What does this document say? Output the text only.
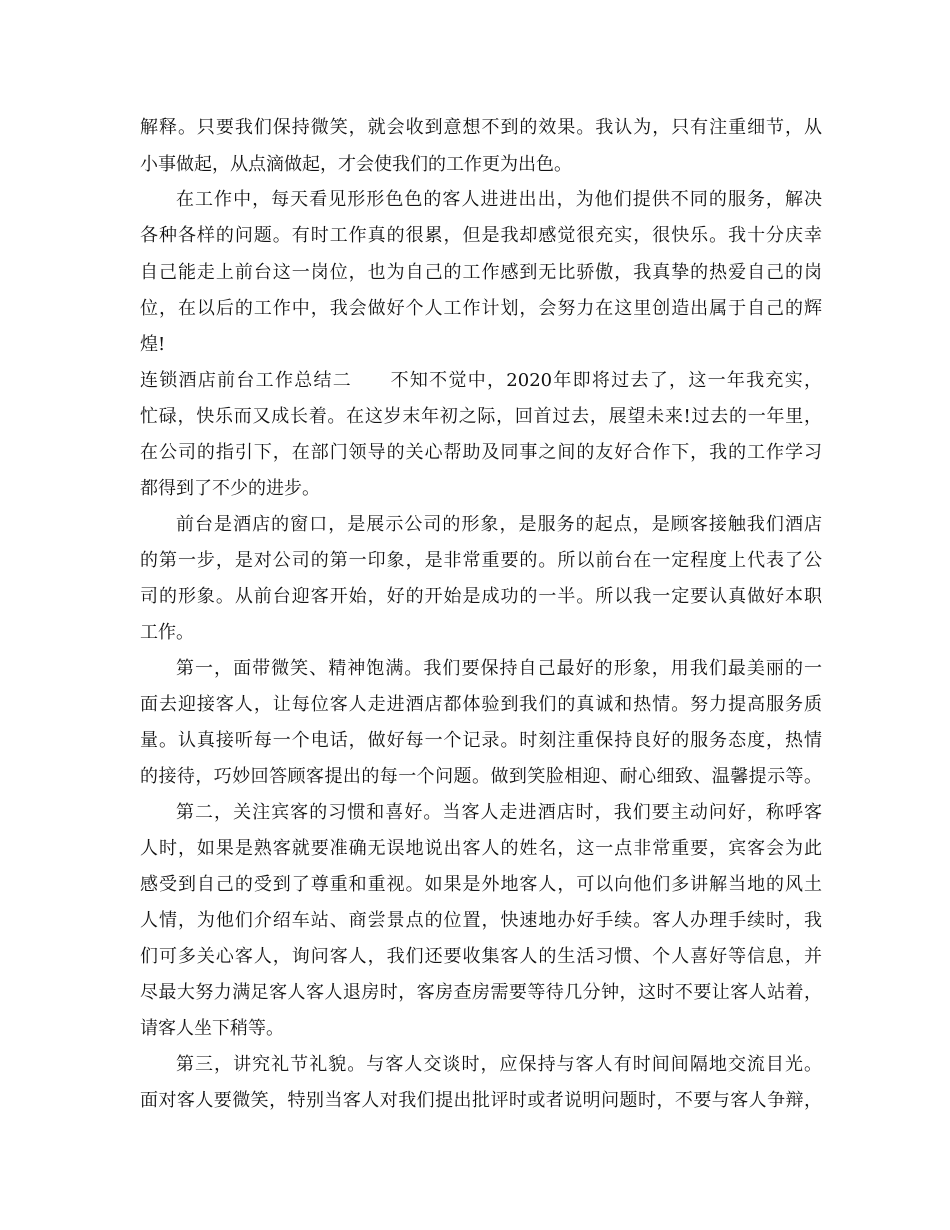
解释。只要我们保持微笑，就会收到意想不到的效果。我认为，只有注重细节，从
小事做起，从点滴做起，才会使我们的工作更为出色。
在工作中，每天看见形形色色的客人进进出出，为他们提供不同的服务，解决
各种各样的问题。有时工作真的很累，但是我却感觉很充实，很快乐。我十分庆幸
自己能走上前台这一岗位，也为自己的工作感到无比骄傲，我真挚的热爱自己的岗
位，在以后的工作中，我会做好个人工作计划，会努力在这里创造出属于自己的辉
煌!
连锁酒店前台工作总结二　　不知不觉中，2020年即将过去了，这一年我充实，
忙碌，快乐而又成长着。在这岁末年初之际，回首过去，展望未来!过去的一年里，
在公司的指引下，在部门领导的关心帮助及同事之间的友好合作下，我的工作学习
都得到了不少的进步。
前台是酒店的窗口，是展示公司的形象，是服务的起点，是顾客接触我们酒店
的第一步，是对公司的第一印象，是非常重要的。所以前台在一定程度上代表了公
司的形象。从前台迎客开始，好的开始是成功的一半。所以我一定要认真做好本职
工作。
第一，面带微笑、精神饱满。我们要保持自己最好的形象，用我们最美丽的一
面去迎接客人，让每位客人走进酒店都体验到我们的真诚和热情。努力提高服务质
量。认真接听每一个电话，做好每一个记录。时刻注重保持良好的服务态度，热情
的接待，巧妙回答顾客提出的每一个问题。做到笑脸相迎、耐心细致、温馨提示等。
第二，关注宾客的习惯和喜好。当客人走进酒店时，我们要主动问好，称呼客
人时，如果是熟客就要准确无误地说出客人的姓名，这一点非常重要，宾客会为此
感受到自己的受到了尊重和重视。如果是外地客人，可以向他们多讲解当地的风土
人情，为他们介绍车站、商尝景点的位置，快速地办好手续。客人办理手续时，我
们可多关心客人，询问客人，我们还要收集客人的生活习惯、个人喜好等信息，并
尽最大努力满足客人客人退房时，客房查房需要等待几分钟，这时不要让客人站着，
请客人坐下稍等。
第三，讲究礼节礼貌。与客人交谈时，应保持与客人有时间间隔地交流目光。
面对客人要微笑，特别当客人对我们提出批评时或者说明问题时，不要与客人争辩，
